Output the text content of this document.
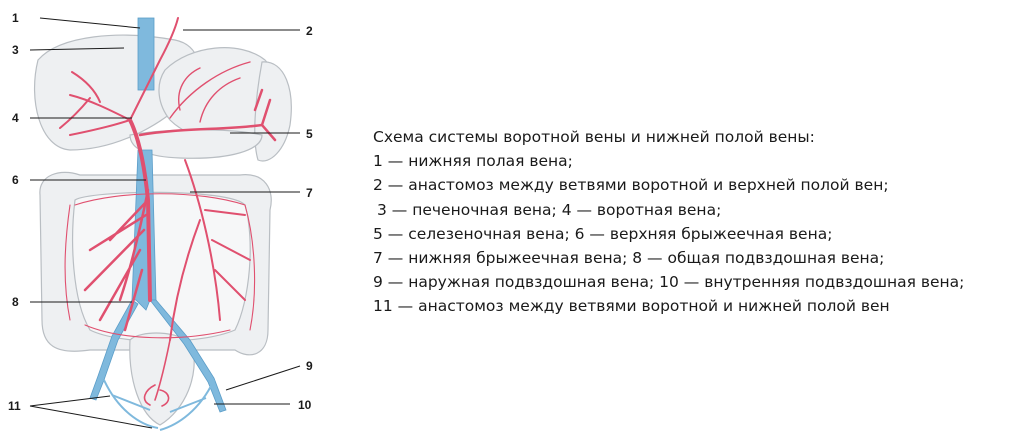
1
2
3
4
5
6
7
8
9
10
11
Схема системы воротной вены и нижней полой вены:
1 — нижняя полая вена;
2 — анастомоз между ветвями воротной и верхней полой вен;
3 — печеночная вена; 4 — воротная вена;
5 — селезеночная вена; 6 — верхняя брыжеечная вена;
7 — нижняя брыжеечная вена; 8 — общая подвздошная вена;
9 — наружная подвздошная вена; 10 — внутренняя подвздошная вена;
11 — анастомоз между ветвями воротной и нижней полой вен
